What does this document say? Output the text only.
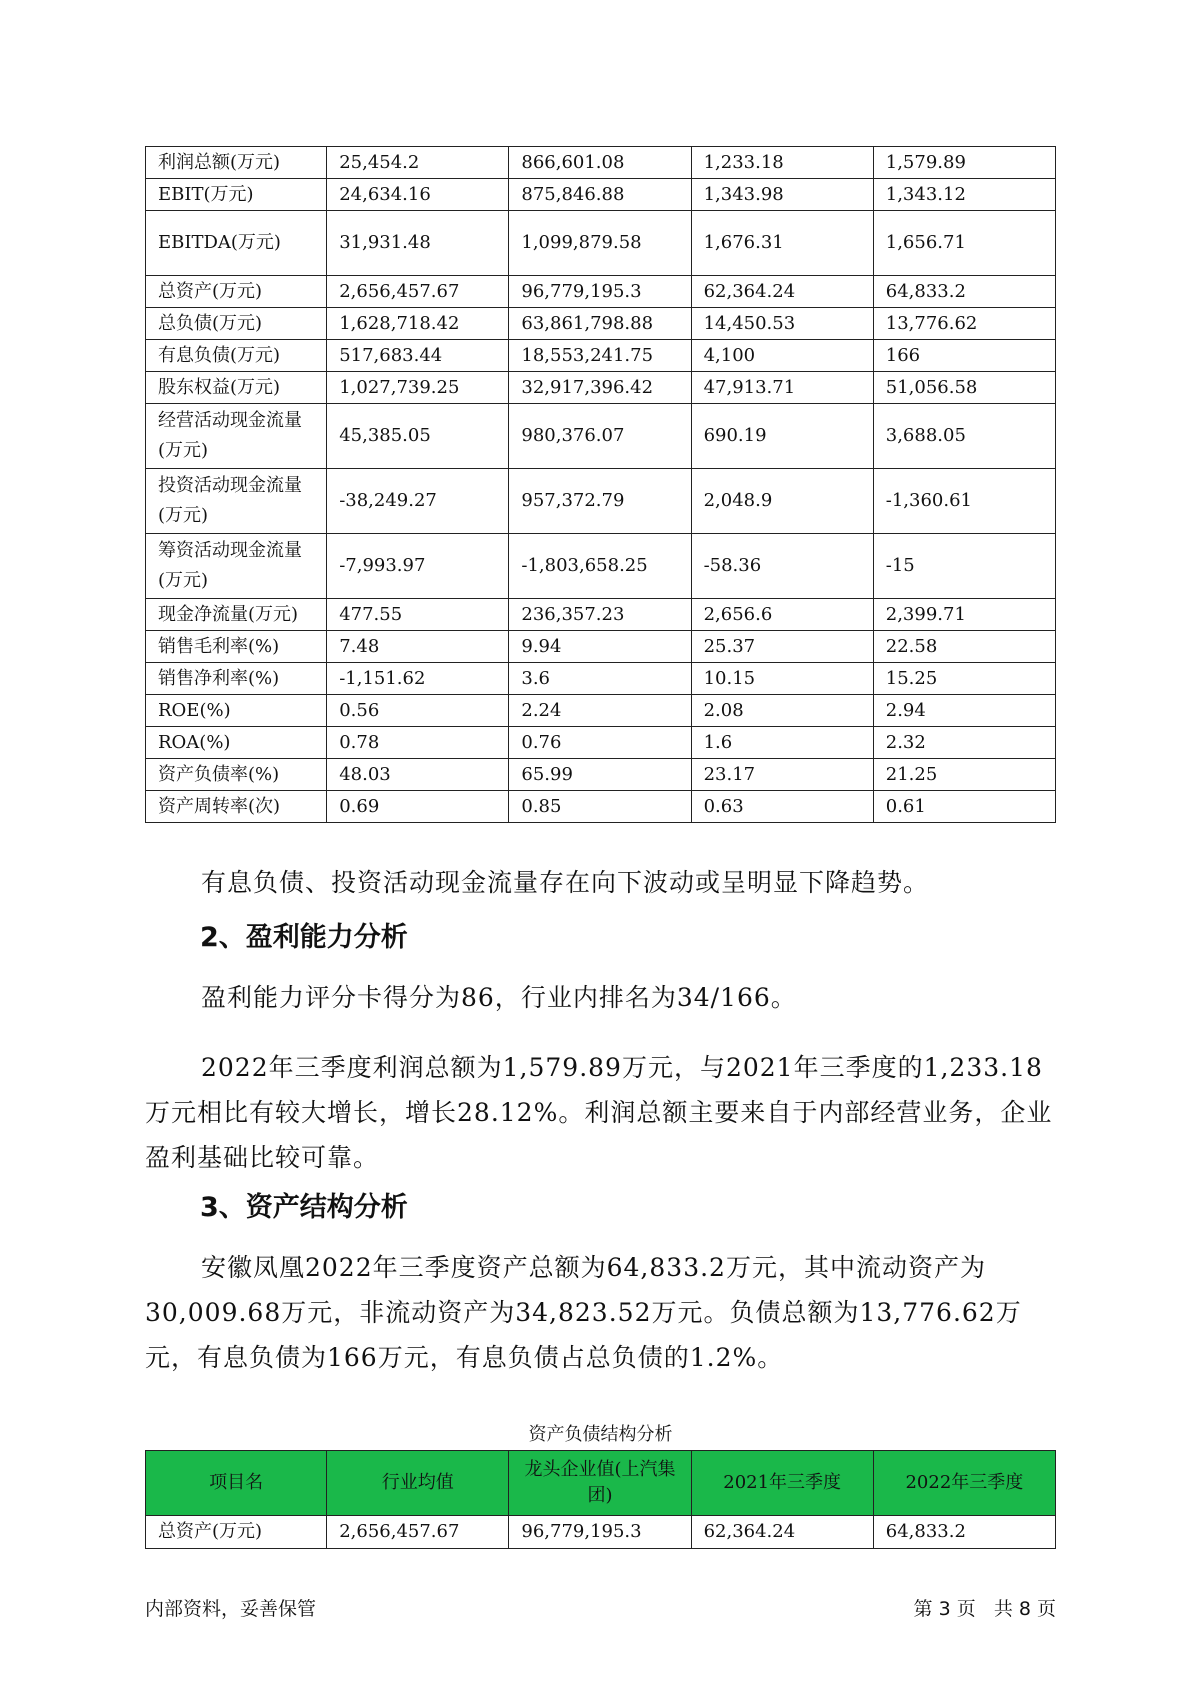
利润总额(万元)	25,454.2	866,601.08	1,233.18	1,579.89
EBIT(万元)	24,634.16	875,846.88	1,343.98	1,343.12
EBITDA(万元)	31,931.48	1,099,879.58	1,676.31	1,656.71
总资产(万元)	2,656,457.67	96,779,195.3	62,364.24	64,833.2
总负债(万元)	1,628,718.42	63,861,798.88	14,450.53	13,776.62
有息负债(万元)	517,683.44	18,553,241.75	4,100	166
股东权益(万元)	1,027,739.25	32,917,396.42	47,913.71	51,056.58
经营活动现金流量(万元)	45,385.05	980,376.07	690.19	3,688.05
投资活动现金流量(万元)	-38,249.27	957,372.79	2,048.9	-1,360.61
筹资活动现金流量(万元)	-7,993.97	-1,803,658.25	-58.36	-15
现金净流量(万元)	477.55	236,357.23	2,656.6	2,399.71
销售毛利率(%)	7.48	9.94	25.37	22.58
销售净利率(%)	-1,151.62	3.6	10.15	15.25
ROE(%)	0.56	2.24	2.08	2.94
ROA(%)	0.78	0.76	1.6	2.32
资产负债率(%)	48.03	65.99	23.17	21.25
资产周转率(次)	0.69	0.85	0.63	0.61

有息负债、投资活动现金流量存在向下波动或呈明显下降趋势。

2、盈利能力分析

盈利能力评分卡得分为86，行业内排名为34/166。

2022年三季度利润总额为1,579.89万元，与2021年三季度的1,233.18万元相比有较大增长，增长28.12%。利润总额主要来自于内部经营业务，企业盈利基础比较可靠。

3、资产结构分析

安徽凤凰2022年三季度资产总额为64,833.2万元，其中流动资产为30,009.68万元，非流动资产为34,823.52万元。负债总额为13,776.62万元，有息负债为166万元，有息负债占总负债的1.2%。

资产负债结构分析
项目名	行业均值	龙头企业值(上汽集团)	2021年三季度	2022年三季度
总资产(万元)	2,656,457.67	96,779,195.3	62,364.24	64,833.2
内部资料，妥善保管	第 3 页   共 8 页
